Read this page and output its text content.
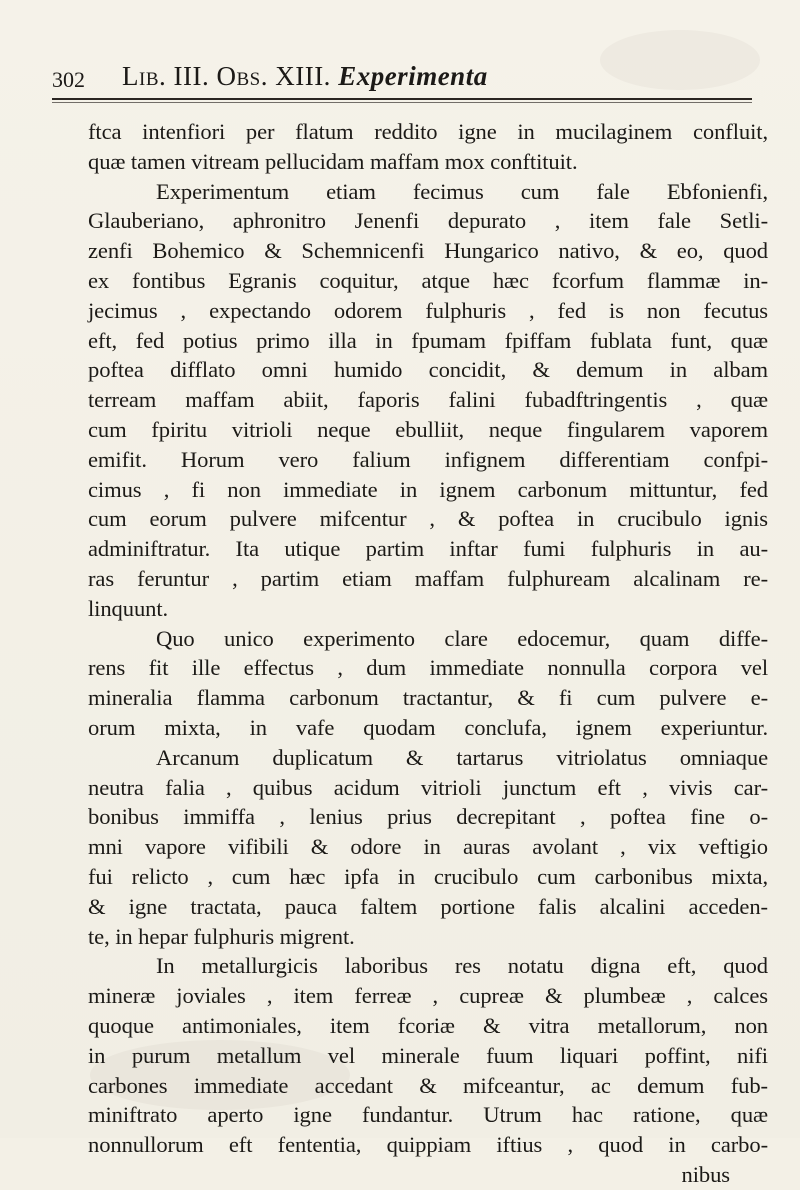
302 Lib. III. Obs. XIII. Experimenta
ftca intenfiori per flatum reddito igne in mucilaginem confluit,
quæ tamen vitream pellucidam maffam mox conftituit.
Experimentum etiam fecimus cum fale Ebfonienfi,
Glauberiano, aphronitro Jenenfi depurato , item fale Setli-
zenfi Bohemico & Schemnicenfi Hungarico nativo, & eo, quod
ex fontibus Egranis coquitur, atque hæc fcorfum flammæ in-
jecimus , expectando odorem fulphuris , fed is non fecutus
eft, fed potius primo illa in fpumam fpiffam fublata funt, quæ
poftea difflato omni humido concidit, & demum in albam
terream maffam abiit, faporis falini fubadftringentis , quæ
cum fpiritu vitrioli neque ebulliit, neque fingularem vaporem
emifit. Horum vero falium infignem differentiam confpi-
cimus , fi non immediate in ignem carbonum mittuntur, fed
cum eorum pulvere mifcentur , & poftea in crucibulo ignis
adminiftratur. Ita utique partim inftar fumi fulphuris in au-
ras feruntur , partim etiam maffam fulphuream alcalinam re-
linquunt.
Quo unico experimento clare edocemur, quam diffe-
rens fit ille effectus , dum immediate nonnulla corpora vel
mineralia flamma carbonum tractantur, & fi cum pulvere e-
orum mixta, in vafe quodam conclufa, ignem experiuntur.
Arcanum duplicatum & tartarus vitriolatus omniaque
neutra falia , quibus acidum vitrioli junctum eft , vivis car-
bonibus immiffa , lenius prius decrepitant , poftea fine o-
mni vapore vifibili & odore in auras avolant , vix veftigio
fui relicto , cum hæc ipfa in crucibulo cum carbonibus mixta,
& igne tractata, pauca faltem portione falis alcalini acceden-
te, in hepar fulphuris migrent.
In metallurgicis laboribus res notatu digna eft, quod
mineræ joviales , item ferreæ , cupreæ & plumbeæ , calces
quoque antimoniales, item fcoriæ & vitra metallorum, non
in purum metallum vel minerale fuum liquari poffint, nifi
carbones immediate accedant & mifceantur, ac demum fub-
miniftrato aperto igne fundantur. Utrum hac ratione, quæ
nonnullorum eft fententia, quippiam iftius , quod in carbo-
nibus
